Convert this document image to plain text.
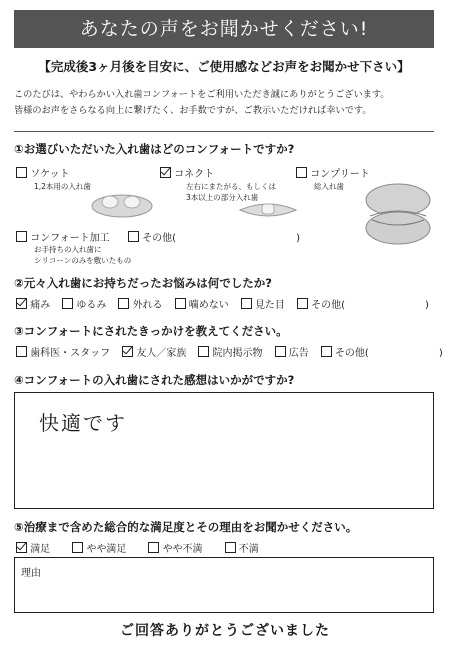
あなたの声をお聞かせください!
【完成後3ヶ月後を目安に、ご使用感などお声をお聞かせ下さい】
このたびは、やわらかい入れ歯コンフォートをご利用いただき誠にありがとうございます。
皆様のお声をさらなる向上に繋げたく、お手数ですが、ご教示いただければ幸いです。
①お選びいただいた入れ歯はどのコンフォートですか?
ソケット
1,2本用の入れ歯
コネクト
左右にまたがる、もしくは
3本以上の部分入れ歯
コンプリート
総入れ歯
コンフォート加工
お手持ちの入れ歯に
シリコーンのみを敷いたもの
その他(　　　　　　　　　　　　)
②元々入れ歯にお持ちだったお悩みは何でしたか?
痛み	ゆるみ	外れる	噛めない	見た目	その他(　　　　　　　　)
③コンフォートにされたきっかけを教えてください。
歯科医・スタッフ	友人／家族	院内掲示物	広告	その他(　　　　　　　)
④コンフォートの入れ歯にされた感想はいかがですか?
快適です
⑤治療まで含めた総合的な満足度とその理由をお聞かせください。
満足	やや満足	やや不満	不満
理由
ご回答ありがとうございました
